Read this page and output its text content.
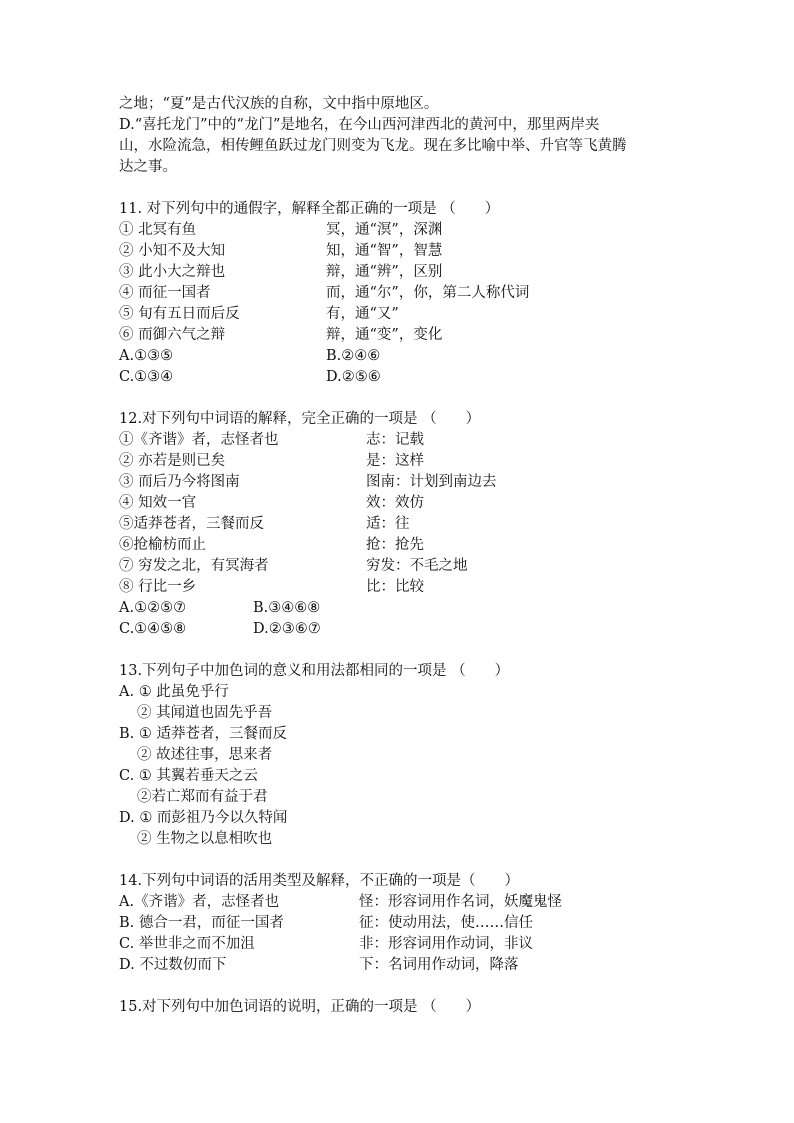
之地；“夏”是古代汉族的自称，文中指中原地区。
D.“喜托龙门”中的“龙门”是地名，在今山西河津西北的黄河中，那里两岸夹
山，水险流急，相传鲤鱼跃过龙门则变为飞龙。现在多比喻中举、升官等飞黄腾
达之事。
11. 对下列句中的通假字，解释全都正确的一项是 （　　）
① 北冥有鱼	冥，通“溟”，深渊
② 小知不及大知	知，通“智”，智慧
③ 此小大之辩也	辩，通“辨”，区别
④ 而征一国者	而，通“尔”，你，第二人称代词
⑤ 旬有五日而后反	有，通“又”
⑥ 而御六气之辩	辩，通“变”，变化
A.①③⑤	B.②④⑥
C.①③④	D.②⑤⑥
12.对下列句中词语的解释，完全正确的一项是 （　　）
①《齐谐》者，志怪者也	志：记载
② 亦若是则已矣	是：这样
③ 而后乃今将图南	图南：计划到南边去
④ 知效一官	效：效仿
⑤适莽苍者，三餐而反	适：往
⑥抢榆枋而止	抢：抢先
⑦ 穷发之北，有冥海者	穷发：不毛之地
⑧ 行比一乡	比：比较
A.①②⑤⑦	B.③④⑥⑧
C.①④⑤⑧	D.②③⑥⑦
13.下列句子中加色词的意义和用法都相同的一项是 （　　）
A. ① 此虽免乎行
② 其闻道也固先乎吾
B. ① 适莽苍者，三餐而反
② 故述往事，思来者
C. ① 其翼若垂天之云
②若亡郑而有益于君
D. ① 而彭祖乃今以久特闻
② 生物之以息相吹也
14.下列句中词语的活用类型及解释，不正确的一项是（　　）
A.《齐谐》者，志怪者也	怪：形容词用作名词，妖魔鬼怪
B. 德合一君，而征一国者	征：使动用法，使……信任
C. 举世非之而不加沮	非：形容词用作动词，非议
D. 不过数仞而下	下：名词用作动词，降落
15.对下列句中加色词语的说明，正确的一项是 （　　）
